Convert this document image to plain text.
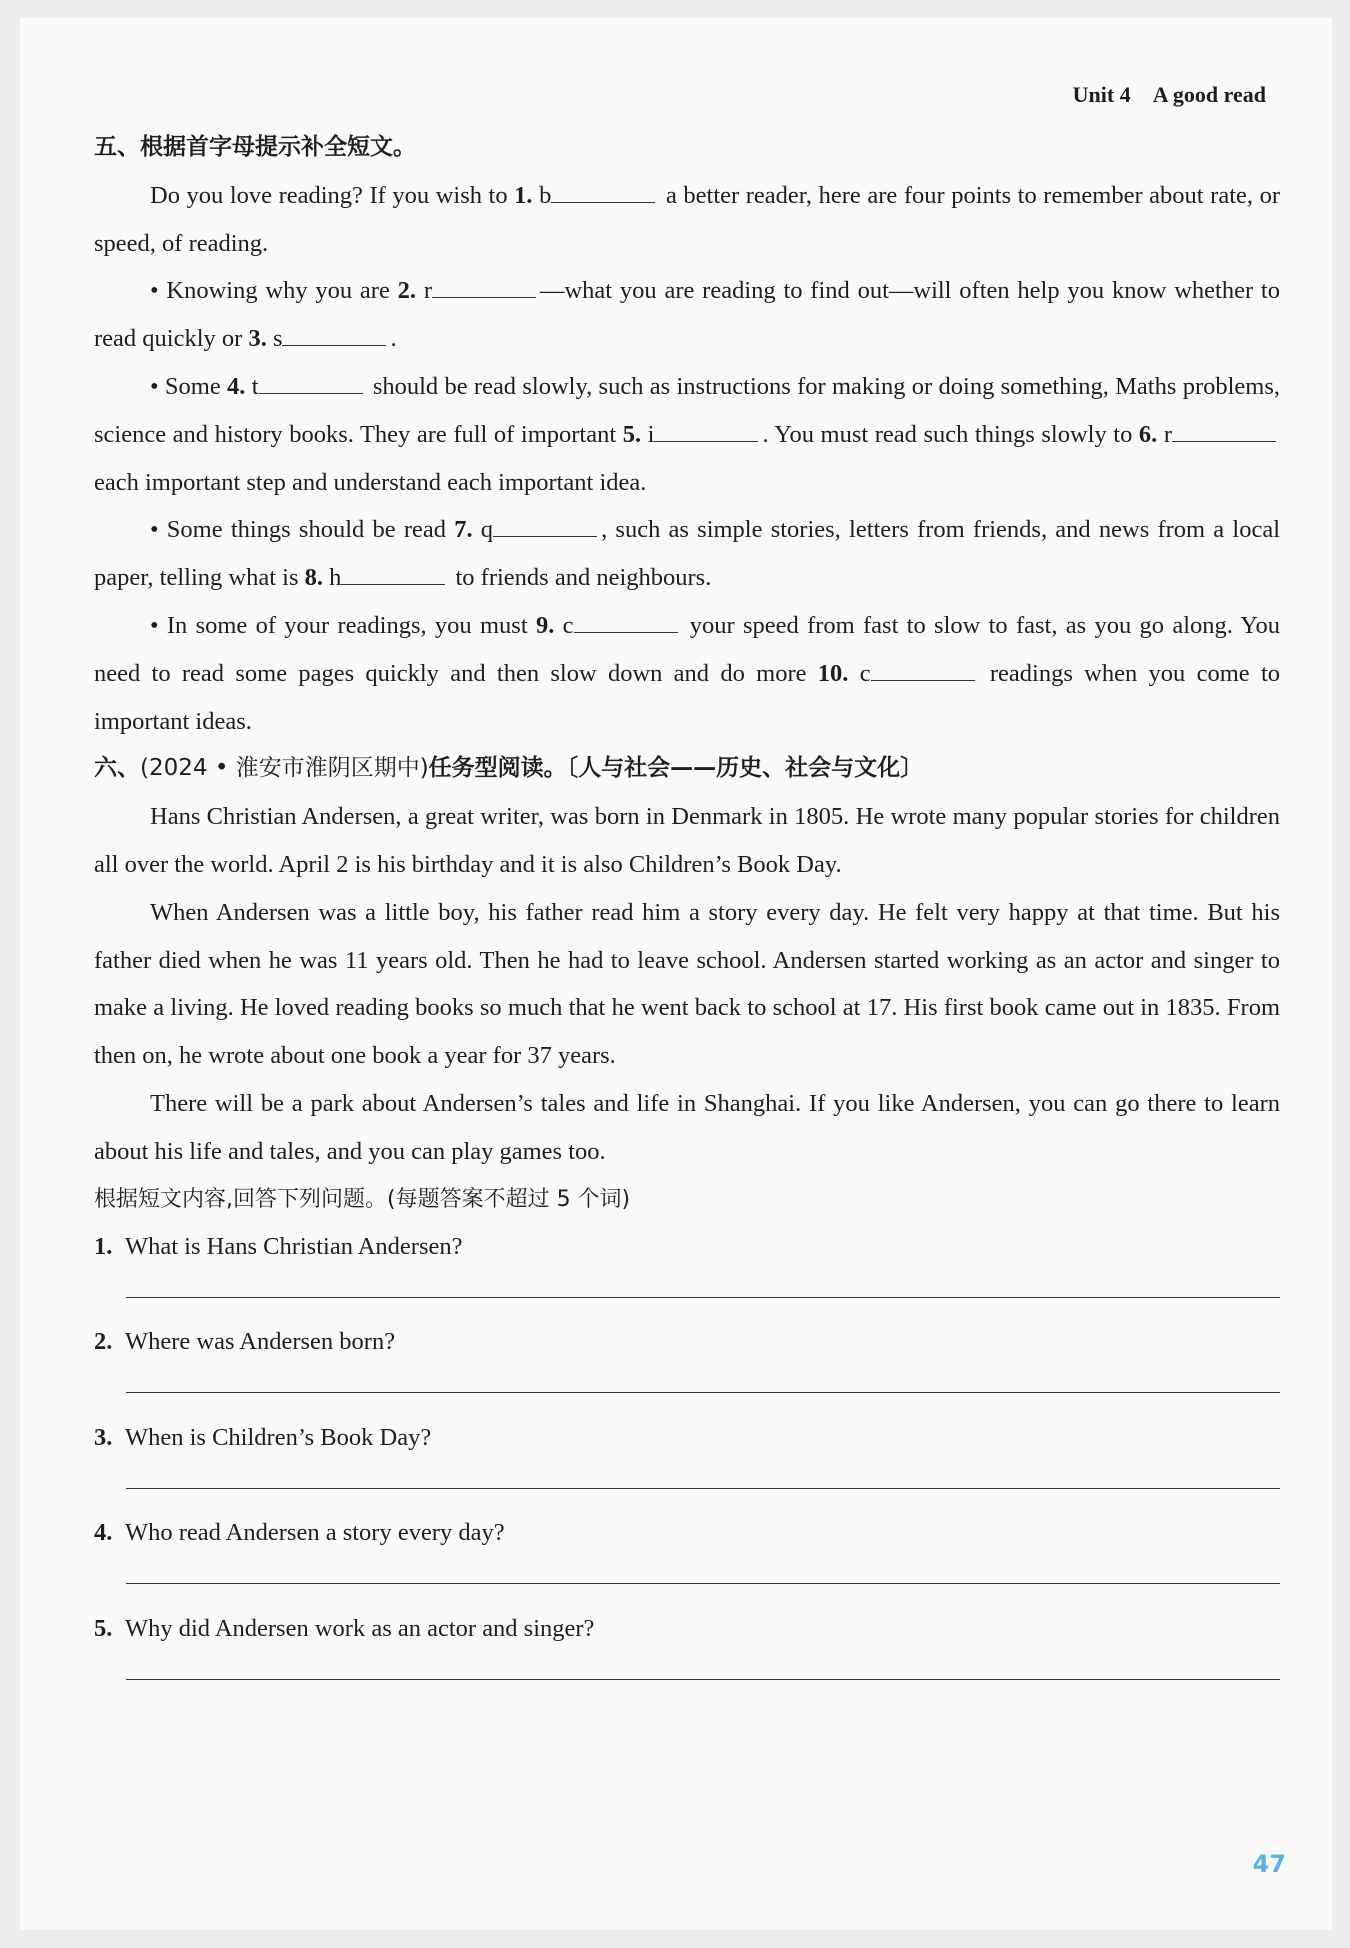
Unit 4 A good read
五、根据首字母提示补全短文。

Do you love reading? If you wish to 1. b	a better reader, here are four points to remember about rate, or speed, of reading.

• Knowing why you are 2. r	—what you are reading to find out—will often help you know whether to read quickly or 3. s	.

• Some 4. t	should be read slowly, such as instructions for making or doing something, Maths problems, science and history books. They are full of important 5. i	. You must read such things slowly to 6. r each important step and understand each important idea.

• Some things should be read 7. q	, such as simple stories, letters from friends, and news from a local paper, telling what is 8. h	to friends and neighbours.

• In some of your readings, you must 9. c	your speed from fast to slow to fast, as you go along. You need to read some pages quickly and then slow down and do more 10. c	readings when you come to important ideas.

六、(2024 • 淮安市淮阴区期中)任务型阅读。〔人与社会——历史、社会与文化〕

Hans Christian Andersen, a great writer, was born in Denmark in 1805. He wrote many popular stories for children all over the world. April 2 is his birthday and it is also Children’s Book Day.

When Andersen was a little boy, his father read him a story every day. He felt very happy at that time. But his father died when he was 11 years old. Then he had to leave school. Andersen started working as an actor and singer to make a living. He loved reading books so much that he went back to school at 17. His first book came out in 1835. From then on, he wrote about one book a year for 37 years.

There will be a park about Andersen’s tales and life in Shanghai. If you like Andersen, you can go there to learn about his life and tales, and you can play games too.

根据短文内容,回答下列问题。(每题答案不超过 5 个词)
1. What is Hans Christian Andersen?
2. Where was Andersen born?
3. When is Children’s Book Day?
4. Who read Andersen a story every day?
5. Why did Andersen work as an actor and singer?
47
